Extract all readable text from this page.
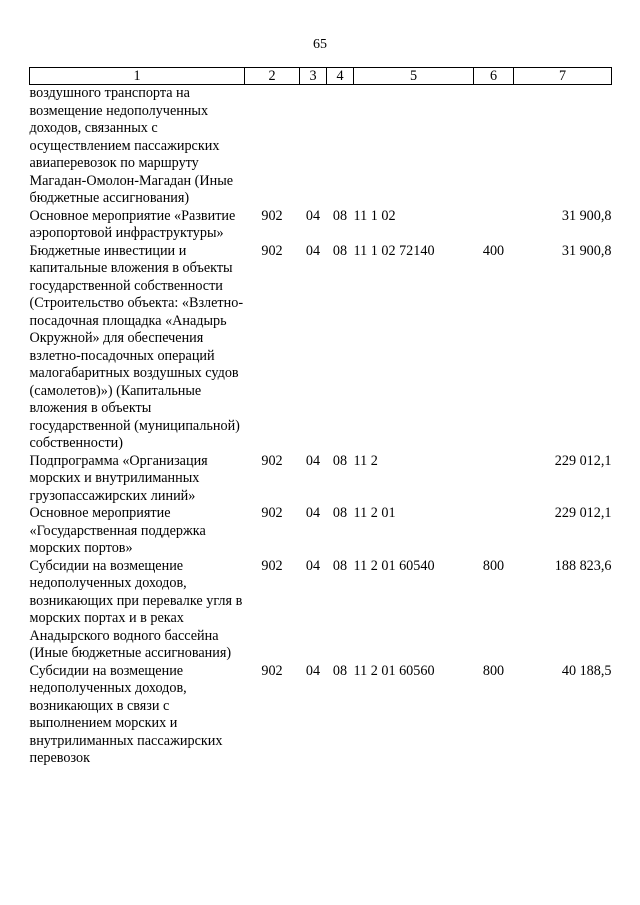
65
1	2	3	4	5	6	7
воздушного транспорта на возмещение недополученных доходов, связанных с осуществлением пассажирских авиаперевозок по маршруту Магадан-Омолон-Магадан (Иные бюджетные ассигнования)						
Основное мероприятие «Развитие аэропортовой инфраструктуры»	902	04	08	11 1 02		31 900,8
Бюджетные инвестиции и капитальные вложения в объекты государственной собственности (Строительство объекта: «Взлетно-посадочная площадка «Анадырь Окружной» для обеспечения взлетно-посадочных операций малогабаритных воздушных судов (самолетов)») (Капитальные вложения в объекты государственной (муниципальной) собственности)	902	04	08	11 1 02 72140	400	31 900,8
Подпрограмма «Организация морских и внутрилиманных грузопассажирских линий»	902	04	08	11 2		229 012,1
Основное мероприятие «Государственная поддержка морских портов»	902	04	08	11 2 01		229 012,1
Субсидии на возмещение недополученных доходов, возникающих при перевалке угля в морских портах и в реках Анадырского водного бассейна (Иные бюджетные ассигнования)	902	04	08	11 2 01 60540	800	188 823,6
Субсидии на возмещение недополученных доходов, возникающих в связи с выполнением морских и внутрилиманных пассажирских перевозок	902	04	08	11 2 01 60560	800	40 188,5
